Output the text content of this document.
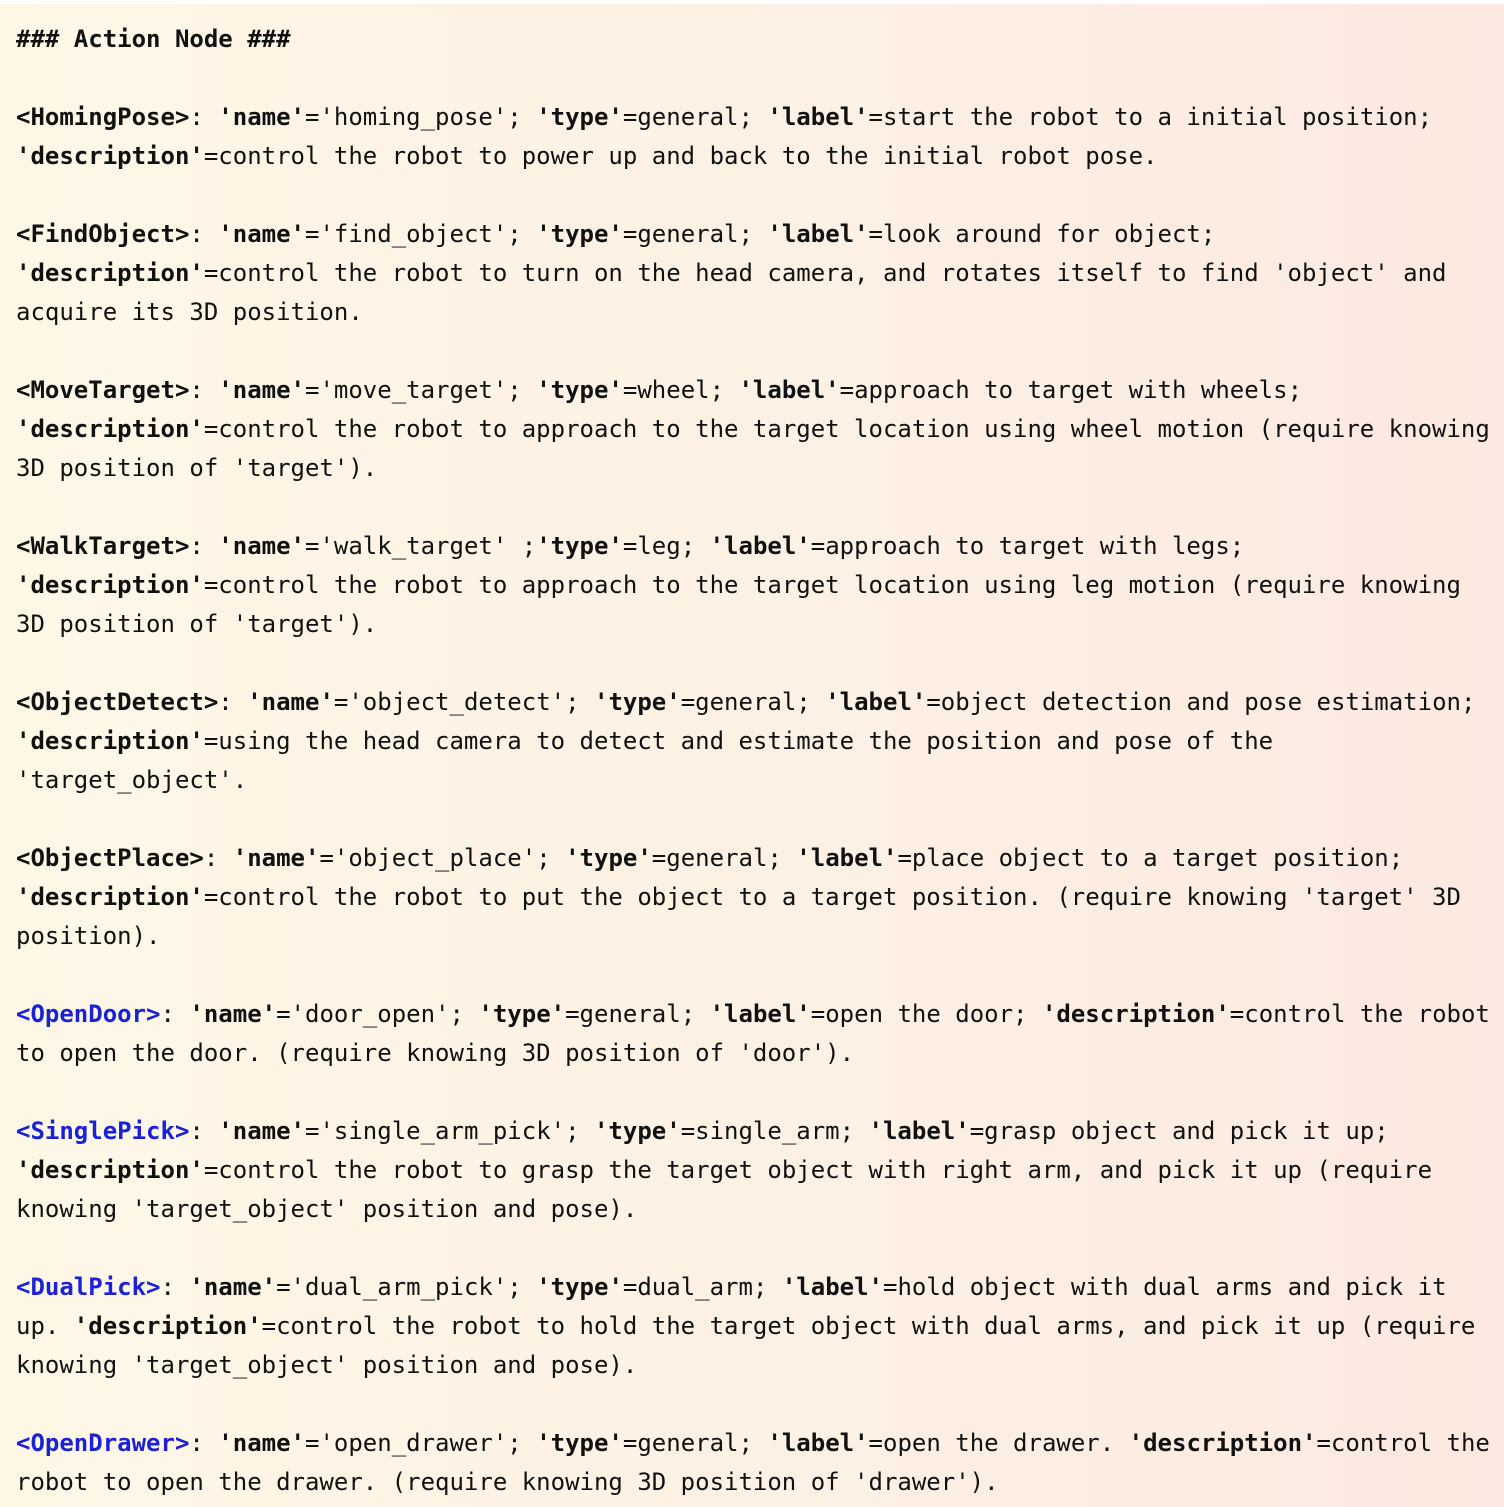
### Action Node ###
<HomingPose>: 'name'='homing_pose'; 'type'=general; 'label'=start the robot to a initial position;
'description'=control the robot to power up and back to the initial robot pose.
<FindObject>: 'name'='find_object'; 'type'=general; 'label'=look around for object;
'description'=control the robot to turn on the head camera, and rotates itself to find 'object' and
acquire its 3D position.
<MoveTarget>: 'name'='move_target'; 'type'=wheel; 'label'=approach to target with wheels;
'description'=control the robot to approach to the target location using wheel motion (require knowing
3D position of 'target').
<WalkTarget>: 'name'='walk_target' ;'type'=leg; 'label'=approach to target with legs;
'description'=control the robot to approach to the target location using leg motion (require knowing
3D position of 'target').
<ObjectDetect>: 'name'='object_detect'; 'type'=general; 'label'=object detection and pose estimation;
'description'=using the head camera to detect and estimate the position and pose of the
'target_object'.
<ObjectPlace>: 'name'='object_place'; 'type'=general; 'label'=place object to a target position;
'description'=control the robot to put the object to a target position. (require knowing 'target' 3D
position).
<OpenDoor>: 'name'='door_open'; 'type'=general; 'label'=open the door; 'description'=control the robot
to open the door. (require knowing 3D position of 'door').
<SinglePick>: 'name'='single_arm_pick'; 'type'=single_arm; 'label'=grasp object and pick it up;
'description'=control the robot to grasp the target object with right arm, and pick it up (require
knowing 'target_object' position and pose).
<DualPick>: 'name'='dual_arm_pick'; 'type'=dual_arm; 'label'=hold object with dual arms and pick it
up. 'description'=control the robot to hold the target object with dual arms, and pick it up (require
knowing 'target_object' position and pose).
<OpenDrawer>: 'name'='open_drawer'; 'type'=general; 'label'=open the drawer. 'description'=control the
robot to open the drawer. (require knowing 3D position of 'drawer').
